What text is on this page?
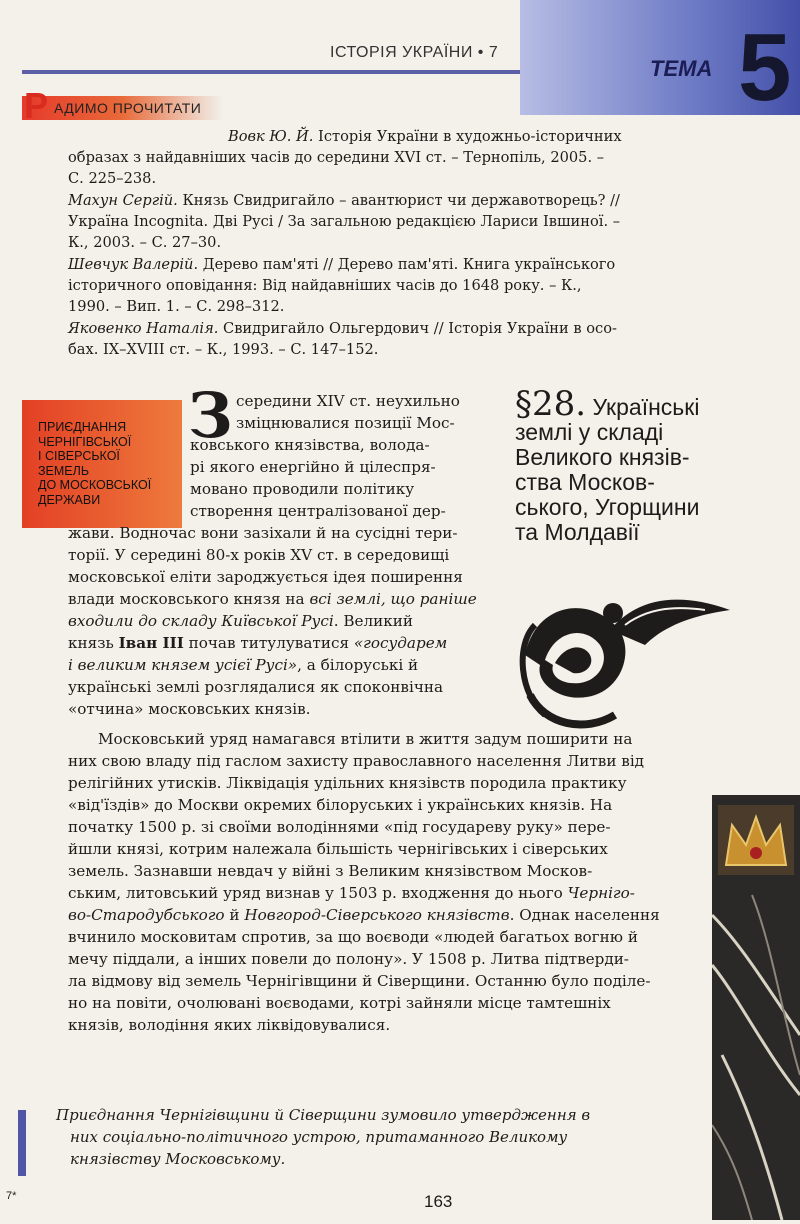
ІСТОРІЯ УКРАЇНИ • 7
ТЕМА 5
Р АДИМО ПРОЧИТАТИ
Вовк Ю. Й. Історія України в художньо-історичних
образах з найдавніших часів до середини XVI ст. – Тернопіль, 2005. –
С. 225–238.
Махун Сергій. Князь Свидригайло – авантюрист чи державотворець? //
Україна Incognita. Дві Русі / За загальною редакцією Лариси Івшиної. –
К., 2003. – С. 27–30.
Шевчук Валерій. Дерево пам'яті // Дерево пам'яті. Книга українського
історичного оповідання: Від найдавніших часів до 1648 року. – К.,
1990. – Вип. 1. – С. 298–312.
Яковенко Наталія. Свидригайло Ольгердович // Історія України в осо-
бах. IX–XVIII ст. – К., 1993. – С. 147–152.
ПРИЄДНАННЯ
ЧЕРНІГІВСЬКОЇ
І СІВЕРСЬКОЇ
ЗЕМЕЛЬ
ДО МОСКОВСЬКОЇ
ДЕРЖАВИ
§28. Українські
землі у складі
Великого князів-
ства Москов-
ського, Угорщини
та Молдавії
З середини XIV ст. неухильно
зміцнювалися позиції Мос-
ковського князівства, волода-
рі якого енергійно й цілеспря-
мовано проводили політику
створення централізованої дер-
жави. Водночас вони зазіхали й на сусідні тери-
торії. У середині 80-х років XV ст. в середовищі
московської еліти зароджується ідея поширення
влади московського князя на всі землі, що раніше
входили до складу Київської Русі. Великий
князь Іван III почав титулуватися «государем
і великим князем усієї Русі», а білоруські й
українські землі розглядалися як споконвічна
«отчина» московських князів.
Московський уряд намагався втілити в життя задум поширити на
них свою владу під гаслом захисту православного населення Литви від
релігійних утисків. Ліквідація удільних князівств породила практику
«від'їздів» до Москви окремих білоруських і українських князів. На
початку 1500 р. зі своїми володіннями «під государеву руку» пере-
йшли князі, котрим належала більшість чернігівських і сіверських
земель. Зазнавши невдач у війні з Великим князівством Москов-
ським, литовський уряд визнав у 1503 р. входження до нього Черніго-
во-Стародубського й Новгород-Сіверського князівств. Однак населення
вчинило московитам спротив, за що воєводи «людей багатьох вогню й
мечу піддали, а інших повели до полону». У 1508 р. Литва підтверди-
ла відмову від земель Чернігівщини й Сіверщини. Останню було поділе-
но на повіти, очолювані воєводами, котрі зайняли місце тамтешніх
князів, володіння яких ліквідовувалися.
Приєднання Чернігівщини й Сіверщини зумовило утвердження в
них соціально-політичного устрою, притаманного Великому
князівству Московському.
163
7*
